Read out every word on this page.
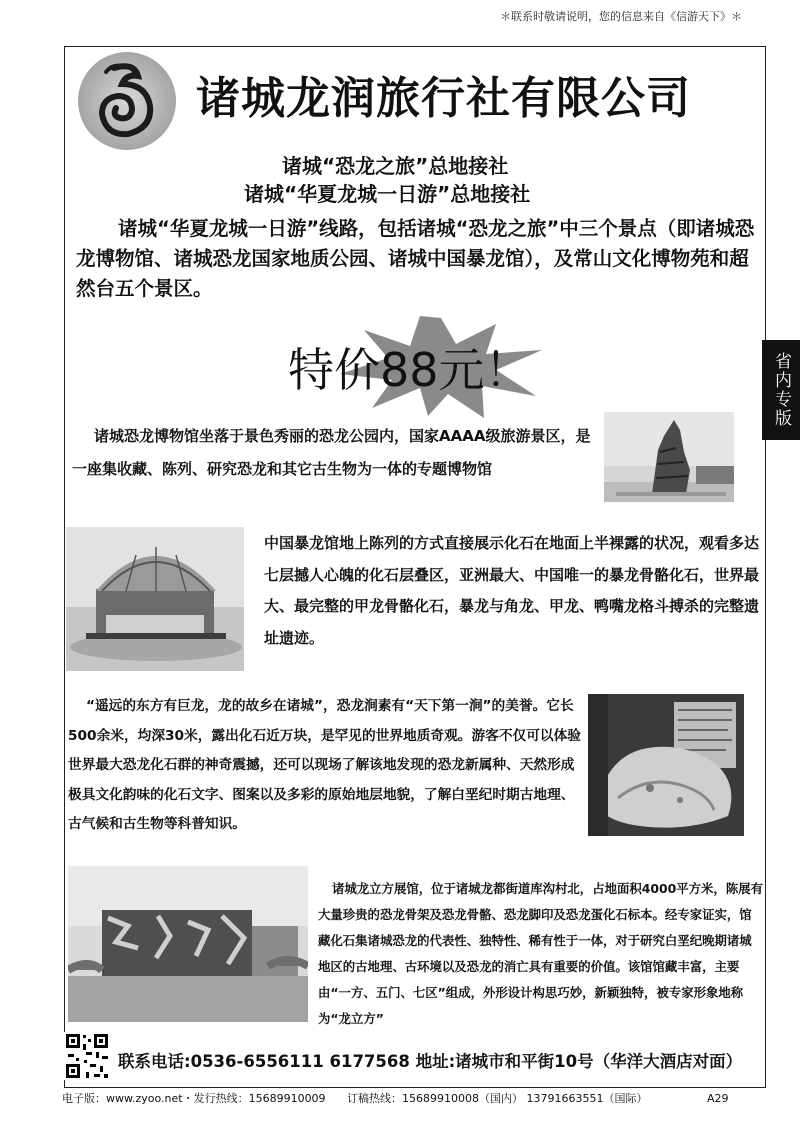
＊联系时敬请说明，您的信息来自《信游天下》＊
诸城龙润旅行社有限公司
诸城“恐龙之旅”总地接社
诸城“华夏龙城一日游”总地接社
诸城“华夏龙城一日游”线路，包括诸城“恐龙之旅”中三个景点（即诸城恐龙博物馆、诸城恐龙国家地质公园、诸城中国暴龙馆），及常山文化博物苑和超然台五个景区。
特价88元！	省内专版
诸城恐龙博物馆坐落于景色秀丽的恐龙公园内，国家AAAA级旅游景区，是一座集收藏、陈列、研究恐龙和其它古生物为一体的专题博物馆
中国暴龙馆地上陈列的方式直接展示化石在地面上半裸露的状况，观看多达七层撼人心魄的化石层叠区，亚洲最大、中国唯一的暴龙骨骼化石，世界最大、最完整的甲龙骨骼化石，暴龙与角龙、甲龙、鸭嘴龙格斗搏杀的完整遗址遗迹。
“遥远的东方有巨龙，龙的故乡在诸城”，恐龙涧素有“天下第一涧”的美誉。它长500余米，均深30米，露出化石近万块，是罕见的世界地质奇观。游客不仅可以体验世界最大恐龙化石群的神奇震撼，还可以现场了解该地发现的恐龙新属种、天然形成极具文化韵味的化石文字、图案以及多彩的原始地层地貌，了解白垩纪时期古地理、古气候和古生物等科普知识。
诸城龙立方展馆，位于诸城龙都街道库沟村北，占地面积4000平方米，陈展有大量珍贵的恐龙骨架及恐龙骨骼、恐龙脚印及恐龙蛋化石标本。经专家证实，馆藏化石集诸城恐龙的代表性、独特性、稀有性于一体，对于研究白垩纪晚期诸城地区的古地理、古环境以及恐龙的消亡具有重要的价值。该馆馆藏丰富，主要由“一方、五门、七区”组成，外形设计构思巧妙，新颖独特，被专家形象地称为“龙立方”
联系电话:0536-6556111 6177568 地址:诸城市和平街10号（华洋大酒店对面）
电子版：www.zyoo.net・发行热线：15689910009 订稿热线：15689910008（国内） 13791663551（国际）	A29
